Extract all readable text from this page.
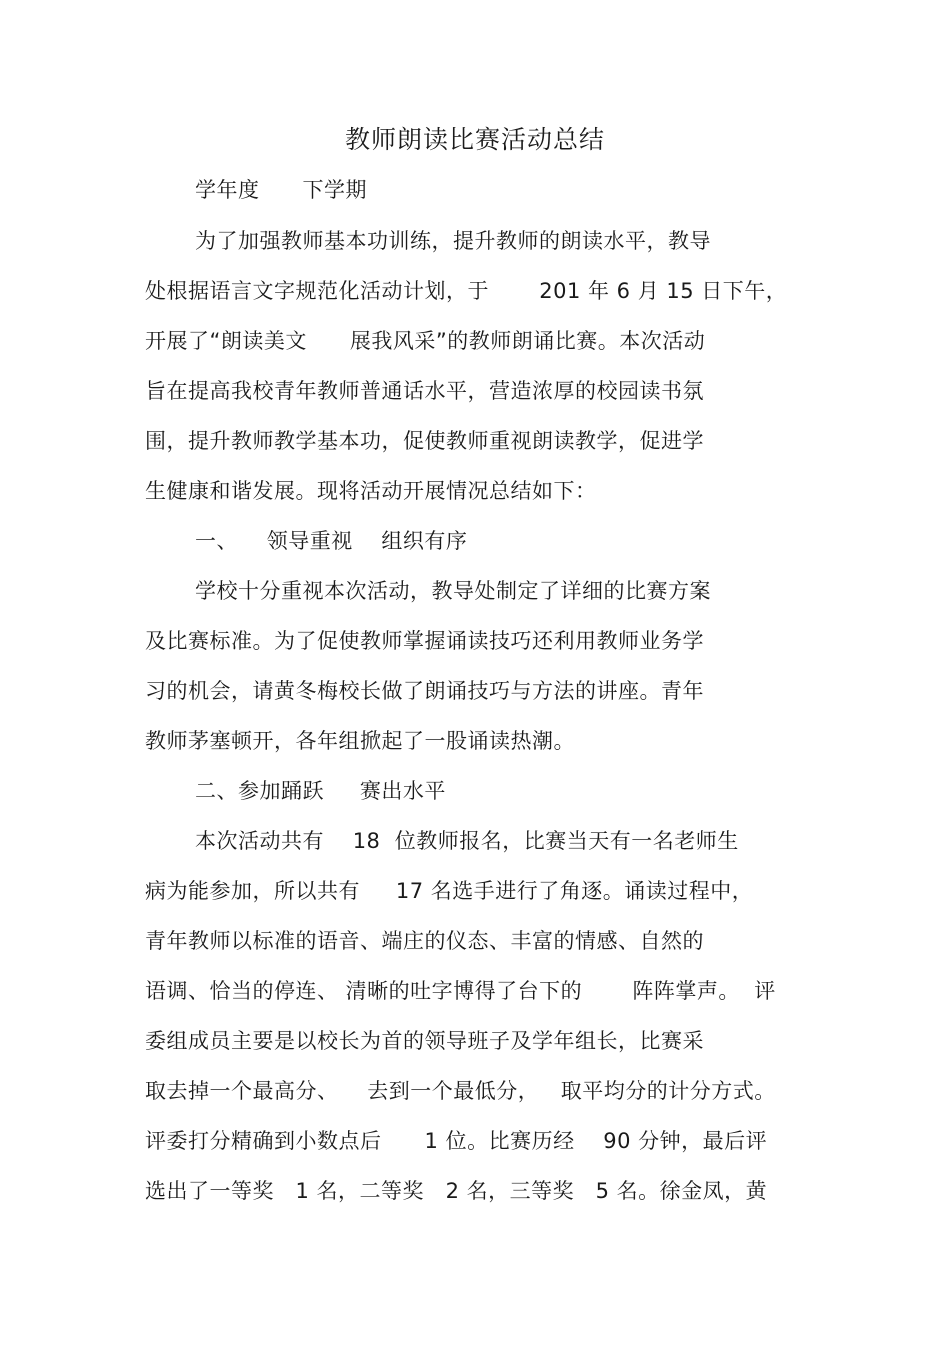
教师朗读比赛活动总结
学年度      下学期
为了加强教师基本功训练，提升教师的朗读水平，教导
处根据语言文字规范化活动计划，于       201 年 6 月 15 日下午，
开展了“朗读美文      展我风采”的教师朗诵比赛。本次活动
旨在提高我校青年教师普通话水平，营造浓厚的校园读书氛
围，提升教师教学基本功，促使教师重视朗读教学，促进学
生健康和谐发展。现将活动开展情况总结如下：
一、    领导重视    组织有序
学校十分重视本次活动，教导处制定了详细的比赛方案
及比赛标准。为了促使教师掌握诵读技巧还利用教师业务学
习的机会，请黄冬梅校长做了朗诵技巧与方法的讲座。青年
教师茅塞顿开，各年组掀起了一股诵读热潮。
二、参加踊跃     赛出水平
本次活动共有    18  位教师报名，比赛当天有一名老师生
病为能参加，所以共有     17 名选手进行了角逐。诵读过程中，
青年教师以标准的语音、端庄的仪态、丰富的情感、自然的
语调、恰当的停连、 清晰的吐字博得了台下的       阵阵掌声。  评
委组成员主要是以校长为首的领导班子及学年组长，比赛采
取去掉一个最高分、    去到一个最低分，   取平均分的计分方式。
评委打分精确到小数点后      1 位。比赛历经    90 分钟，最后评
选出了一等奖   1 名，二等奖   2 名，三等奖   5 名。徐金凤，黄
